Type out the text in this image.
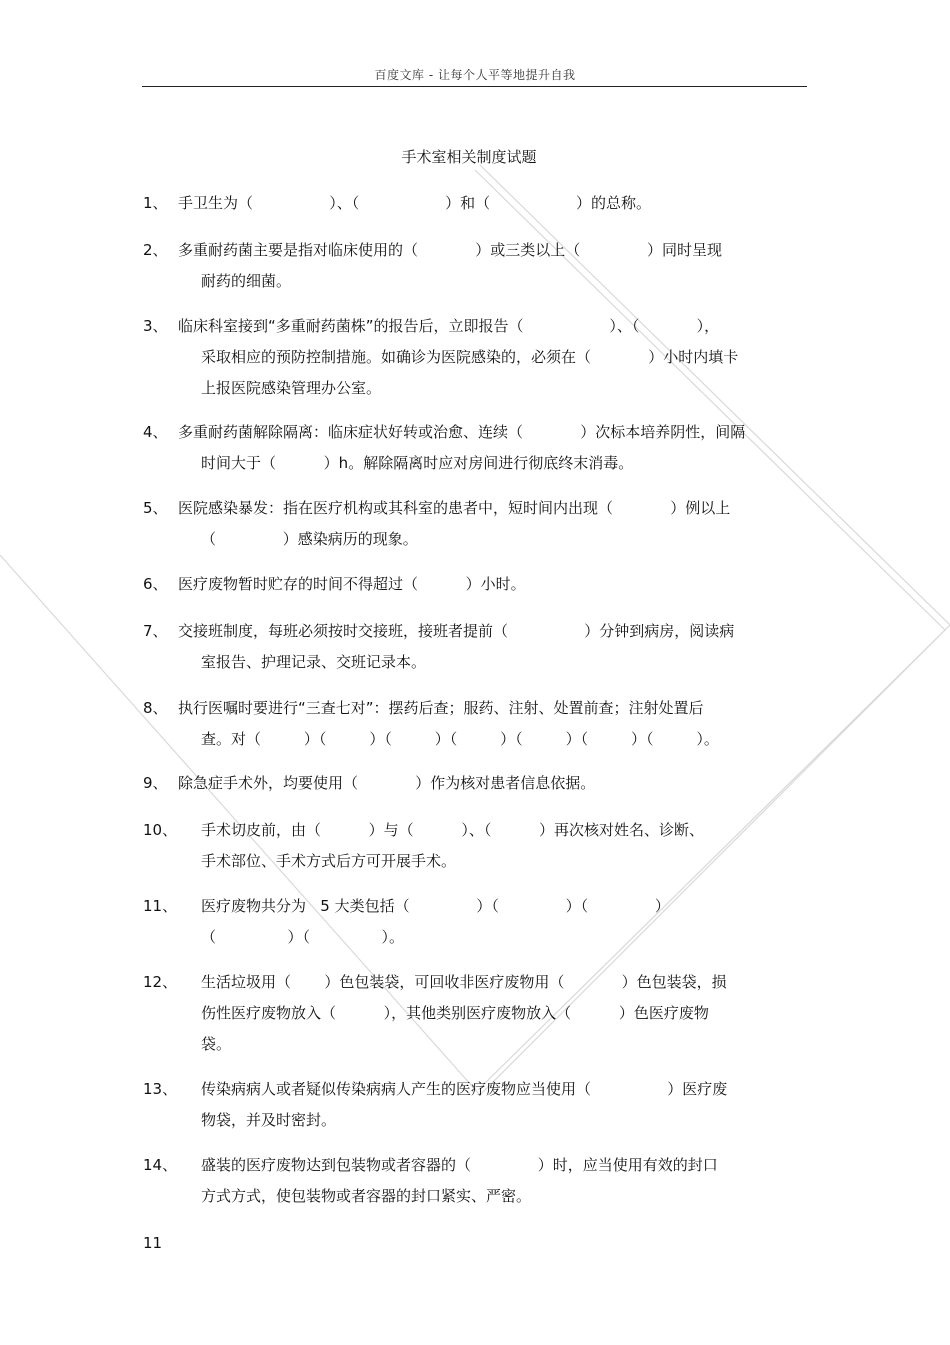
百度文库 - 让每个人平等地提升自我
手术室相关制度试题
1、 手卫生为（                ）、（                  ）和（                  ）的总称。
2、 多重耐药菌主要是指对临床使用的（            ）或三类以上（              ）同时呈现
耐药的细菌。
3、 临床科室接到“多重耐药菌株”的报告后，立即报告（                  ）、（            ），
采取相应的预防控制措施。如确诊为医院感染的，必须在（            ）小时内填卡
上报医院感染管理办公室。
4、 多重耐药菌解除隔离：临床症状好转或治愈、连续（            ）次标本培养阴性，间隔
时间大于（          ）h。解除隔离时应对房间进行彻底终末消毒。
5、 医院感染暴发：指在医疗机构或其科室的患者中，短时间内出现（            ）例以上
（              ）感染病历的现象。
6、 医疗废物暂时贮存的时间不得超过（          ）小时。
7、 交接班制度，每班必须按时交接班，接班者提前（                ）分钟到病房，阅读病
室报告、护理记录、交班记录本。
8、 执行医嘱时要进行“三查七对”：摆药后查；服药、注射、处置前查；注射处置后
查。对（         ）（         ）（         ）（         ）（         ）（         ）（         ）。
9、 除急症手术外，均要使用（            ）作为核对患者信息依据。
10、 手术切皮前，由（          ）与（          ）、（          ）再次核对姓名、诊断、
手术部位、手术方式后方可开展手术。
11、 医疗废物共分为   5 大类包括（              ）（              ）（              ）
（               ）（               ）。
12、 生活垃圾用（       ）色包装袋，可回收非医疗废物用（            ）色包装袋，损
伤性医疗废物放入（          ），其他类别医疗废物放入（          ）色医疗废物
袋。
13、 传染病病人或者疑似传染病病人产生的医疗废物应当使用（                ）医疗废
物袋，并及时密封。
14、 盛装的医疗废物达到包装物或者容器的（              ）时，应当使用有效的封口
方式方式，使包装物或者容器的封口紧实、严密。
11
